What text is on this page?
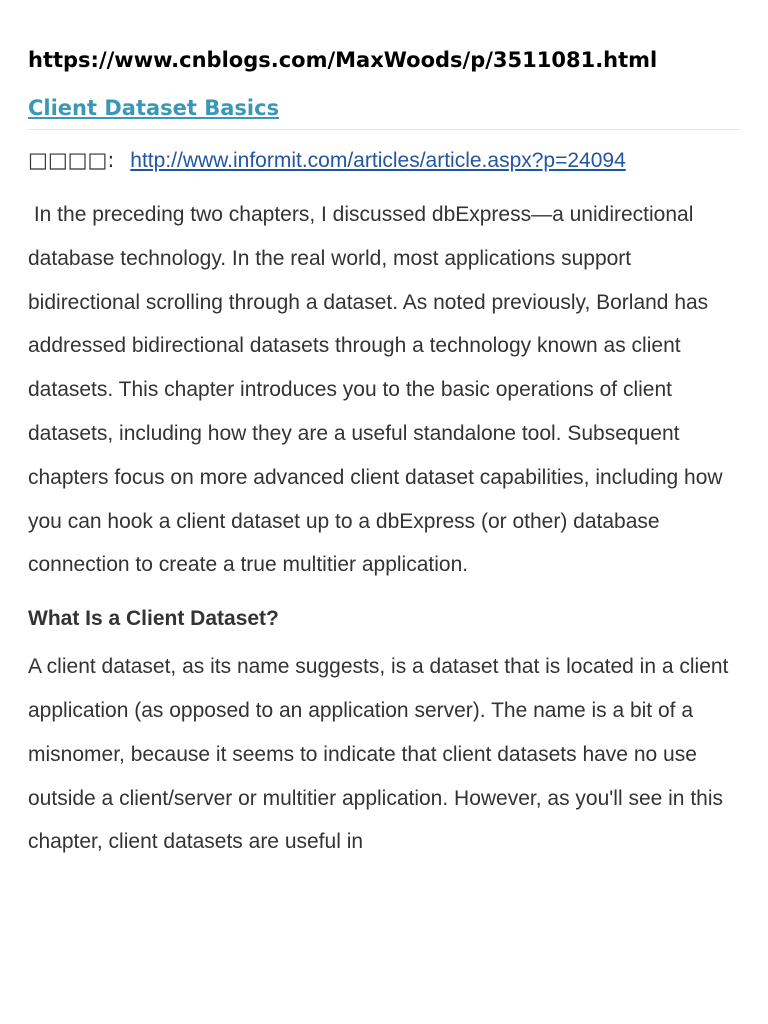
https://www.cnblogs.com/MaxWoods/p/3511081.html

Client Dataset Basics

□□□□: http://www.informit.com/articles/article.aspx?p=24094

In the preceding two chapters, I discussed dbExpress—a unidirectional database technology. In the real world, most applications support bidirectional scrolling through a dataset. As noted previously, Borland has addressed bidirectional datasets through a technology known as client datasets. This chapter introduces you to the basic operations of client datasets, including how they are a useful standalone tool. Subsequent chapters focus on more advanced client dataset capabilities, including how you can hook a client dataset up to a dbExpress (or other) database connection to create a true multitier application.

What Is a Client Dataset?

A client dataset, as its name suggests, is a dataset that is located in a client application (as opposed to an application server). The name is a bit of a misnomer, because it seems to indicate that client datasets have no use outside a client/server or multitier application. However, as you'll see in this chapter, client datasets are useful in
